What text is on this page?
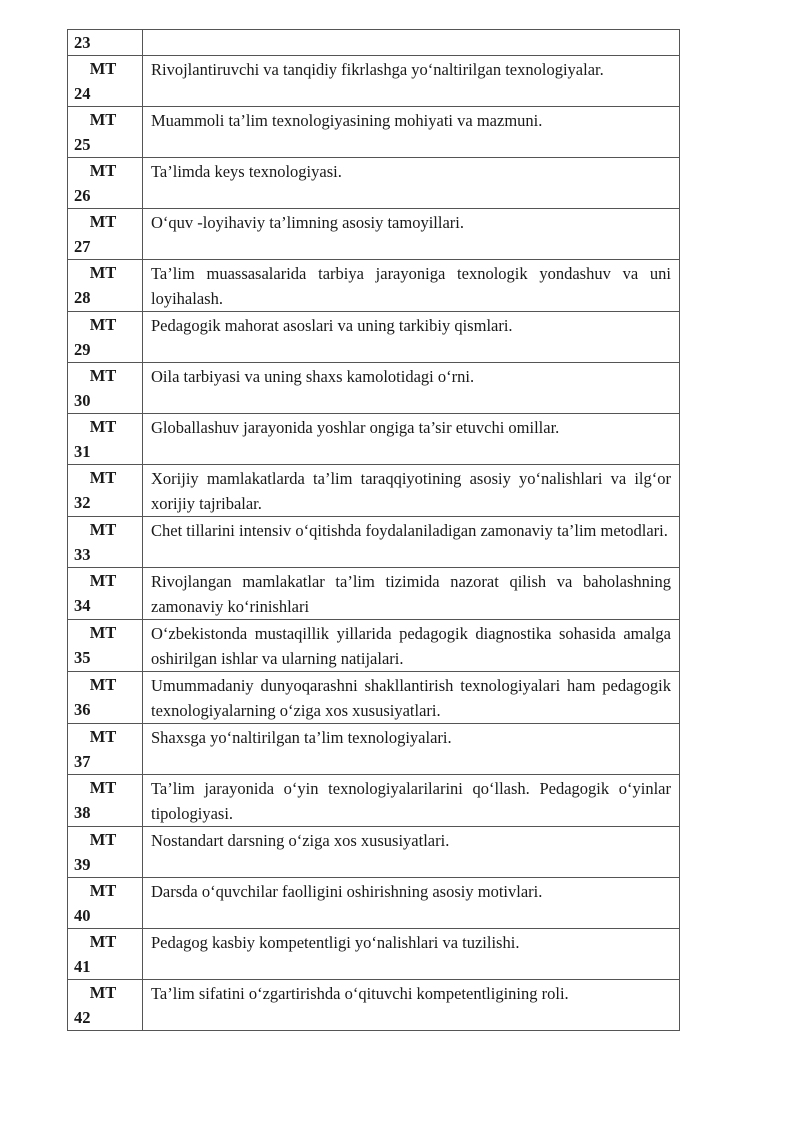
23	

MT
24	Rivojlantiruvchi va tanqidiy fikrlashga yo‘naltirilgan texnologiyalar.

MT
25	Muammoli ta’lim texnologiyasining mohiyati va mazmuni.

MT
26	Ta’limda keys texnologiyasi.

MT
27	O‘quv -loyihaviy ta’limning asosiy tamoyillari.

MT
28	Ta’lim muassasalarida tarbiya jarayoniga texnologik yondashuv va uni loyihalash.

MT
29	Pedagogik mahorat asoslari va uning tarkibiy qismlari.

MT
30	Oila tarbiyasi va uning shaxs kamolotidagi o‘rni.

MT
31	Globallashuv jarayonida yoshlar ongiga ta’sir etuvchi omillar.

MT
32	Xorijiy mamlakatlarda ta’lim taraqqiyotining asosiy yo‘nalishlari va ilg‘or xorijiy tajribalar.

MT
33	Chet tillarini intensiv o‘qitishda foydalaniladigan zamonaviy ta’lim metodlari.

MT
34	Rivojlangan mamlakatlar ta’lim tizimida nazorat qilish va baholashning zamonaviy ko‘rinishlari

MT
35	O‘zbekistonda mustaqillik yillarida pedagogik diagnostika sohasida amalga oshirilgan ishlar va ularning natijalari.

MT
36	Umummadaniy dunyoqarashni shakllantirish texnologiyalari ham pedagogik texnologiyalarning o‘ziga xos xususiyatlari.

MT
37	Shaxsga yo‘naltirilgan ta’lim texnologiyalari.

MT
38	Ta’lim jarayonida o‘yin texnologiyalarilarini qo‘llash. Pedagogik o‘yinlar tipologiyasi.

MT
39	Nostandart darsning o‘ziga xos xususiyatlari.

MT
40	Darsda o‘quvchilar faolligini oshirishning asosiy motivlari.

MT
41	Pedagog kasbiy kompetentligi yo‘nalishlari va tuzilishi.

MT
42	Ta’lim sifatini o‘zgartirishda o‘qituvchi kompetentligining roli.
